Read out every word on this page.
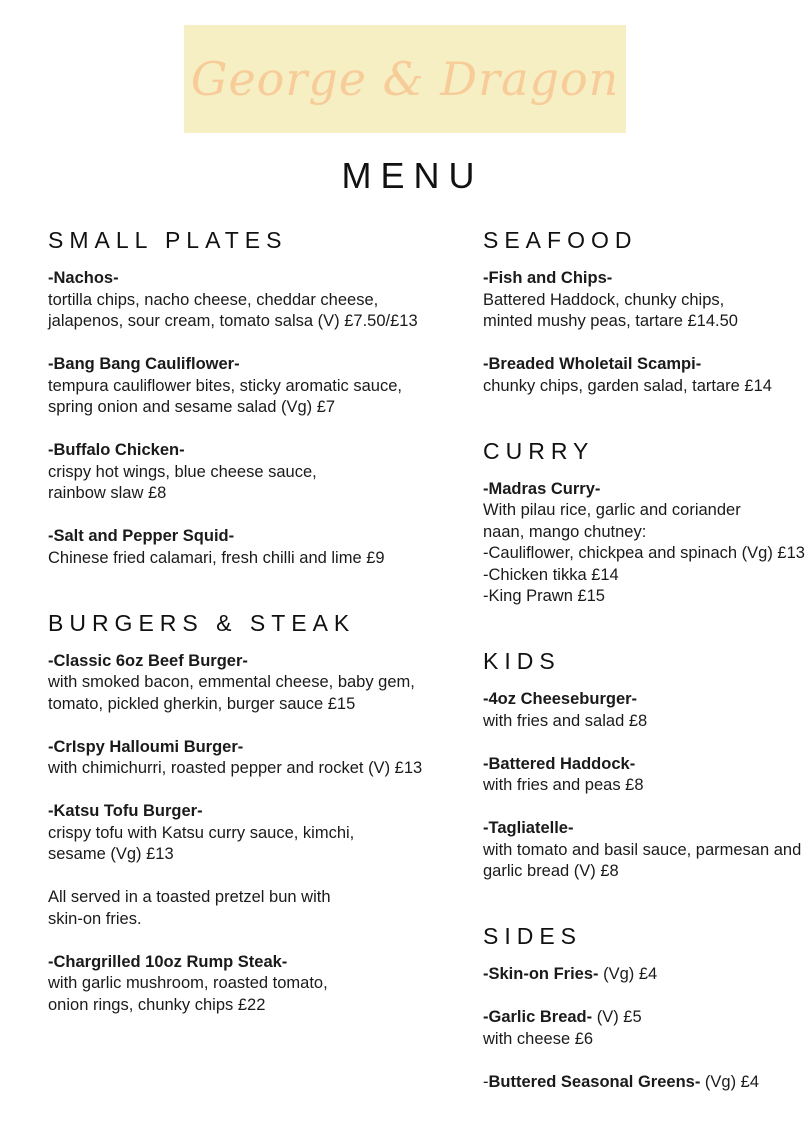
George & Dragon
MENU
SMALL PLATES
-Nachos-
tortilla chips, nacho cheese, cheddar cheese, jalapenos, sour cream, tomato salsa (V) £7.50/£13
-Bang Bang Cauliflower-
tempura cauliflower bites, sticky aromatic sauce, spring onion and sesame salad (Vg) £7
-Buffalo Chicken-
crispy hot wings, blue cheese sauce, rainbow slaw £8
-Salt and Pepper Squid-
Chinese fried calamari, fresh chilli and lime £9
BURGERS & STEAK
-Classic 6oz Beef Burger-
with smoked bacon, emmental cheese, baby gem, tomato, pickled gherkin, burger sauce £15
-CrIspy Halloumi Burger-
with chimichurri, roasted pepper and rocket (V) £13
-Katsu Tofu Burger-
crispy tofu with Katsu curry sauce, kimchi, sesame (Vg) £13
All served in a toasted pretzel bun with skin-on fries.
-Chargrilled 10oz Rump Steak-
with garlic mushroom, roasted tomato, onion rings, chunky chips £22
SEAFOOD
-Fish and Chips-
Battered Haddock, chunky chips, minted mushy peas, tartare £14.50
-Breaded Wholetail Scampi-
chunky chips, garden salad, tartare £14
CURRY
-Madras Curry-
With pilau rice, garlic and coriander naan, mango chutney:
-Cauliflower, chickpea and spinach (Vg) £13
-Chicken tikka £14
-King Prawn £15
KIDS
-4oz Cheeseburger-
with fries and salad £8
-Battered Haddock-
with fries and peas £8
-Tagliatelle-
with tomato and basil sauce, parmesan and garlic bread (V) £8
SIDES
-Skin-on Fries- (Vg) £4
-Garlic Bread- (V) £5
with cheese £6
-Buttered Seasonal Greens- (Vg) £4
